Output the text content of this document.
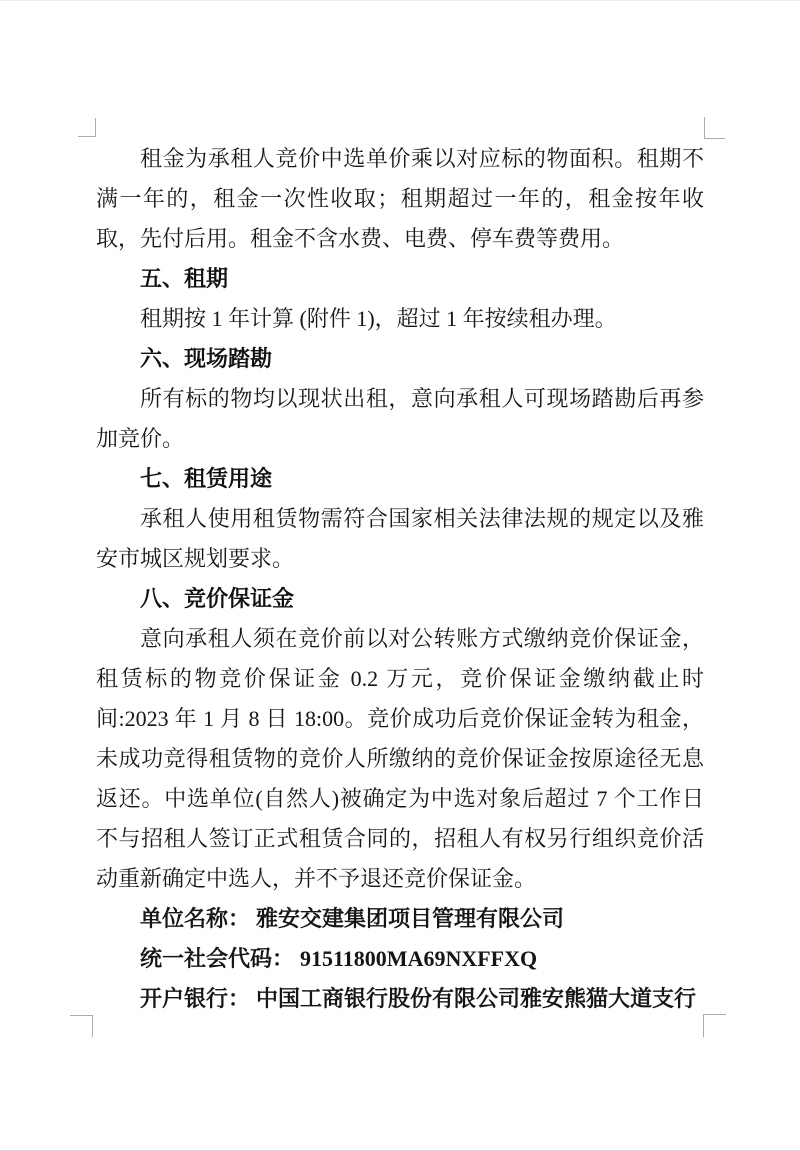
租金为承租人竞价中选单价乘以对应标的物面积。租期不满一年的，租金一次性收取；租期超过一年的，租金按年收取，先付后用。租金不含水费、电费、停车费等费用。

五、租期

租期按 1 年计算 (附件 1)，超过 1 年按续租办理。

六、现场踏勘

所有标的物均以现状出租，意向承租人可现场踏勘后再参加竞价。

七、租赁用途

承租人使用租赁物需符合国家相关法律法规的规定以及雅安市城区规划要求。

八、竞价保证金

意向承租人须在竞价前以对公转账方式缴纳竞价保证金，租赁标的物竞价保证金 0.2 万元，竞价保证金缴纳截止时间:2023 年 1 月 8 日 18:00。竞价成功后竞价保证金转为租金，未成功竞得租赁物的竞价人所缴纳的竞价保证金按原途径无息返还。中选单位(自然人)被确定为中选对象后超过 7 个工作日不与招租人签订正式租赁合同的，招租人有权另行组织竞价活动重新确定中选人，并不予退还竞价保证金。

单位名称： 雅安交建集团项目管理有限公司

统一社会代码： 91511800MA69NXFFXQ

开户银行： 中国工商银行股份有限公司雅安熊猫大道支行
